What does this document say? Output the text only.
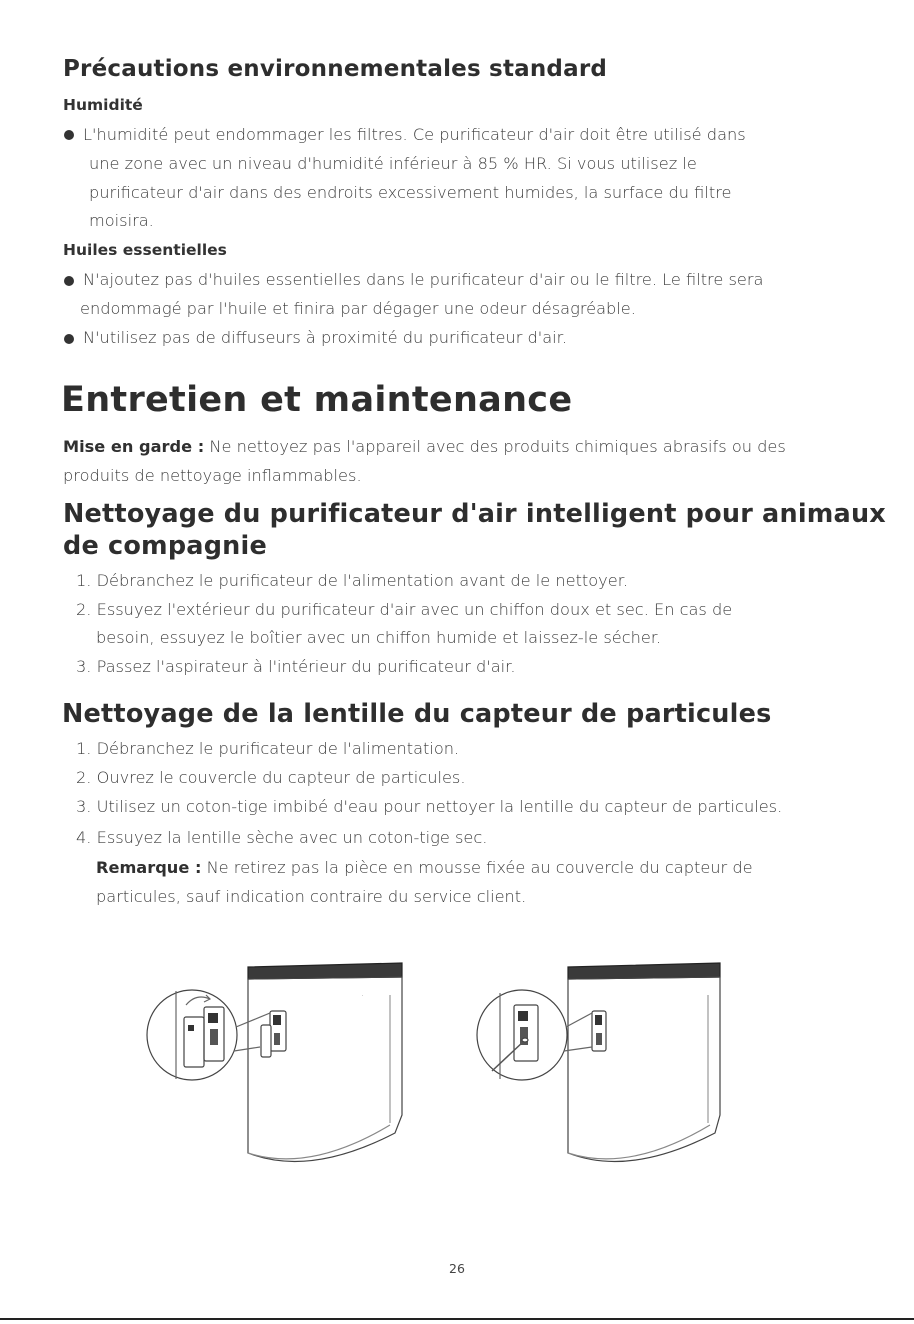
Précautions environnementales standard
Humidité
L'humidité peut endommager les filtres. Ce purificateur d'air doit être utilisé dans
une zone avec un niveau d'humidité inférieur à 85 % HR. Si vous utilisez le
purificateur d'air dans des endroits excessivement humides, la surface du filtre
moisira.
Huiles essentielles
N'ajoutez pas d'huiles essentielles dans le purificateur d'air ou le filtre. Le filtre sera
endommagé par l'huile et finira par dégager une odeur désagréable.
N'utilisez pas de diffuseurs à proximité du purificateur d'air.
Entretien et maintenance
Mise en garde : Ne nettoyez pas l'appareil avec des produits chimiques abrasifs ou des
produits de nettoyage inflammables.
Nettoyage du purificateur d'air intelligent pour animaux
de compagnie
1. Débranchez le purificateur de l'alimentation avant de le nettoyer.
2. Essuyez l'extérieur du purificateur d'air avec un chiffon doux et sec. En cas de
besoin, essuyez le boîtier avec un chiffon humide et laissez-le sécher.
3. Passez l'aspirateur à l'intérieur du purificateur d'air.
Nettoyage de la lentille du capteur de particules
1. Débranchez le purificateur de l'alimentation.
2. Ouvrez le couvercle du capteur de particules.
3. Utilisez un coton-tige imbibé d'eau pour nettoyer la lentille du capteur de particules.
4. Essuyez la lentille sèche avec un coton-tige sec.
Remarque : Ne retirez pas la pièce en mousse fixée au couvercle du capteur de
particules, sauf indication contraire du service client.
·
26
